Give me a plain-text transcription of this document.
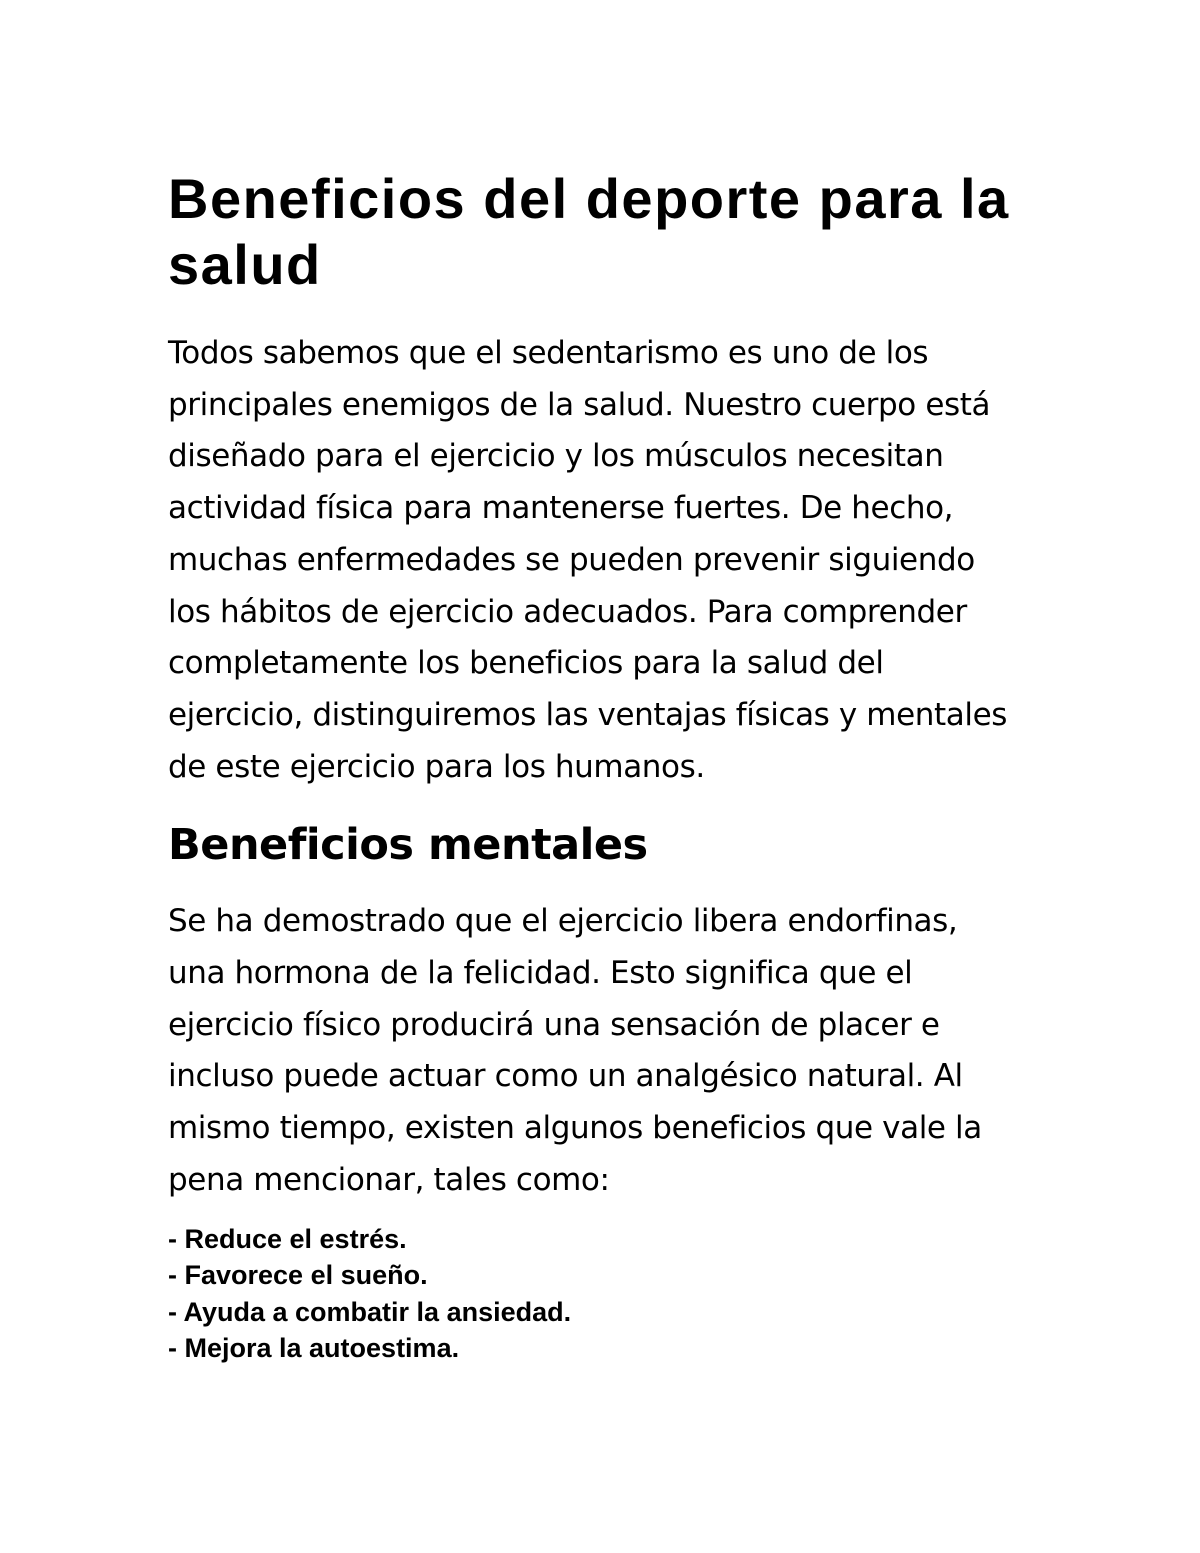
Beneficios del deporte para la salud

Todos sabemos que el sedentarismo es uno de los
principales enemigos de la salud. Nuestro cuerpo está
diseñado para el ejercicio y los músculos necesitan
actividad física para mantenerse fuertes. De hecho,
muchas enfermedades se pueden prevenir siguiendo
los hábitos de ejercicio adecuados. Para comprender
completamente los beneficios para la salud del
ejercicio, distinguiremos las ventajas físicas y mentales
de este ejercicio para los humanos.

Beneficios mentales

Se ha demostrado que el ejercicio libera endorfinas,
una hormona de la felicidad. Esto significa que el
ejercicio físico producirá una sensación de placer e
incluso puede actuar como un analgésico natural. Al
mismo tiempo, existen algunos beneficios que vale la
pena mencionar, tales como:

- Reduce el estrés.
- Favorece el sueño.
- Ayuda a combatir la ansiedad.
- Mejora la autoestima.
